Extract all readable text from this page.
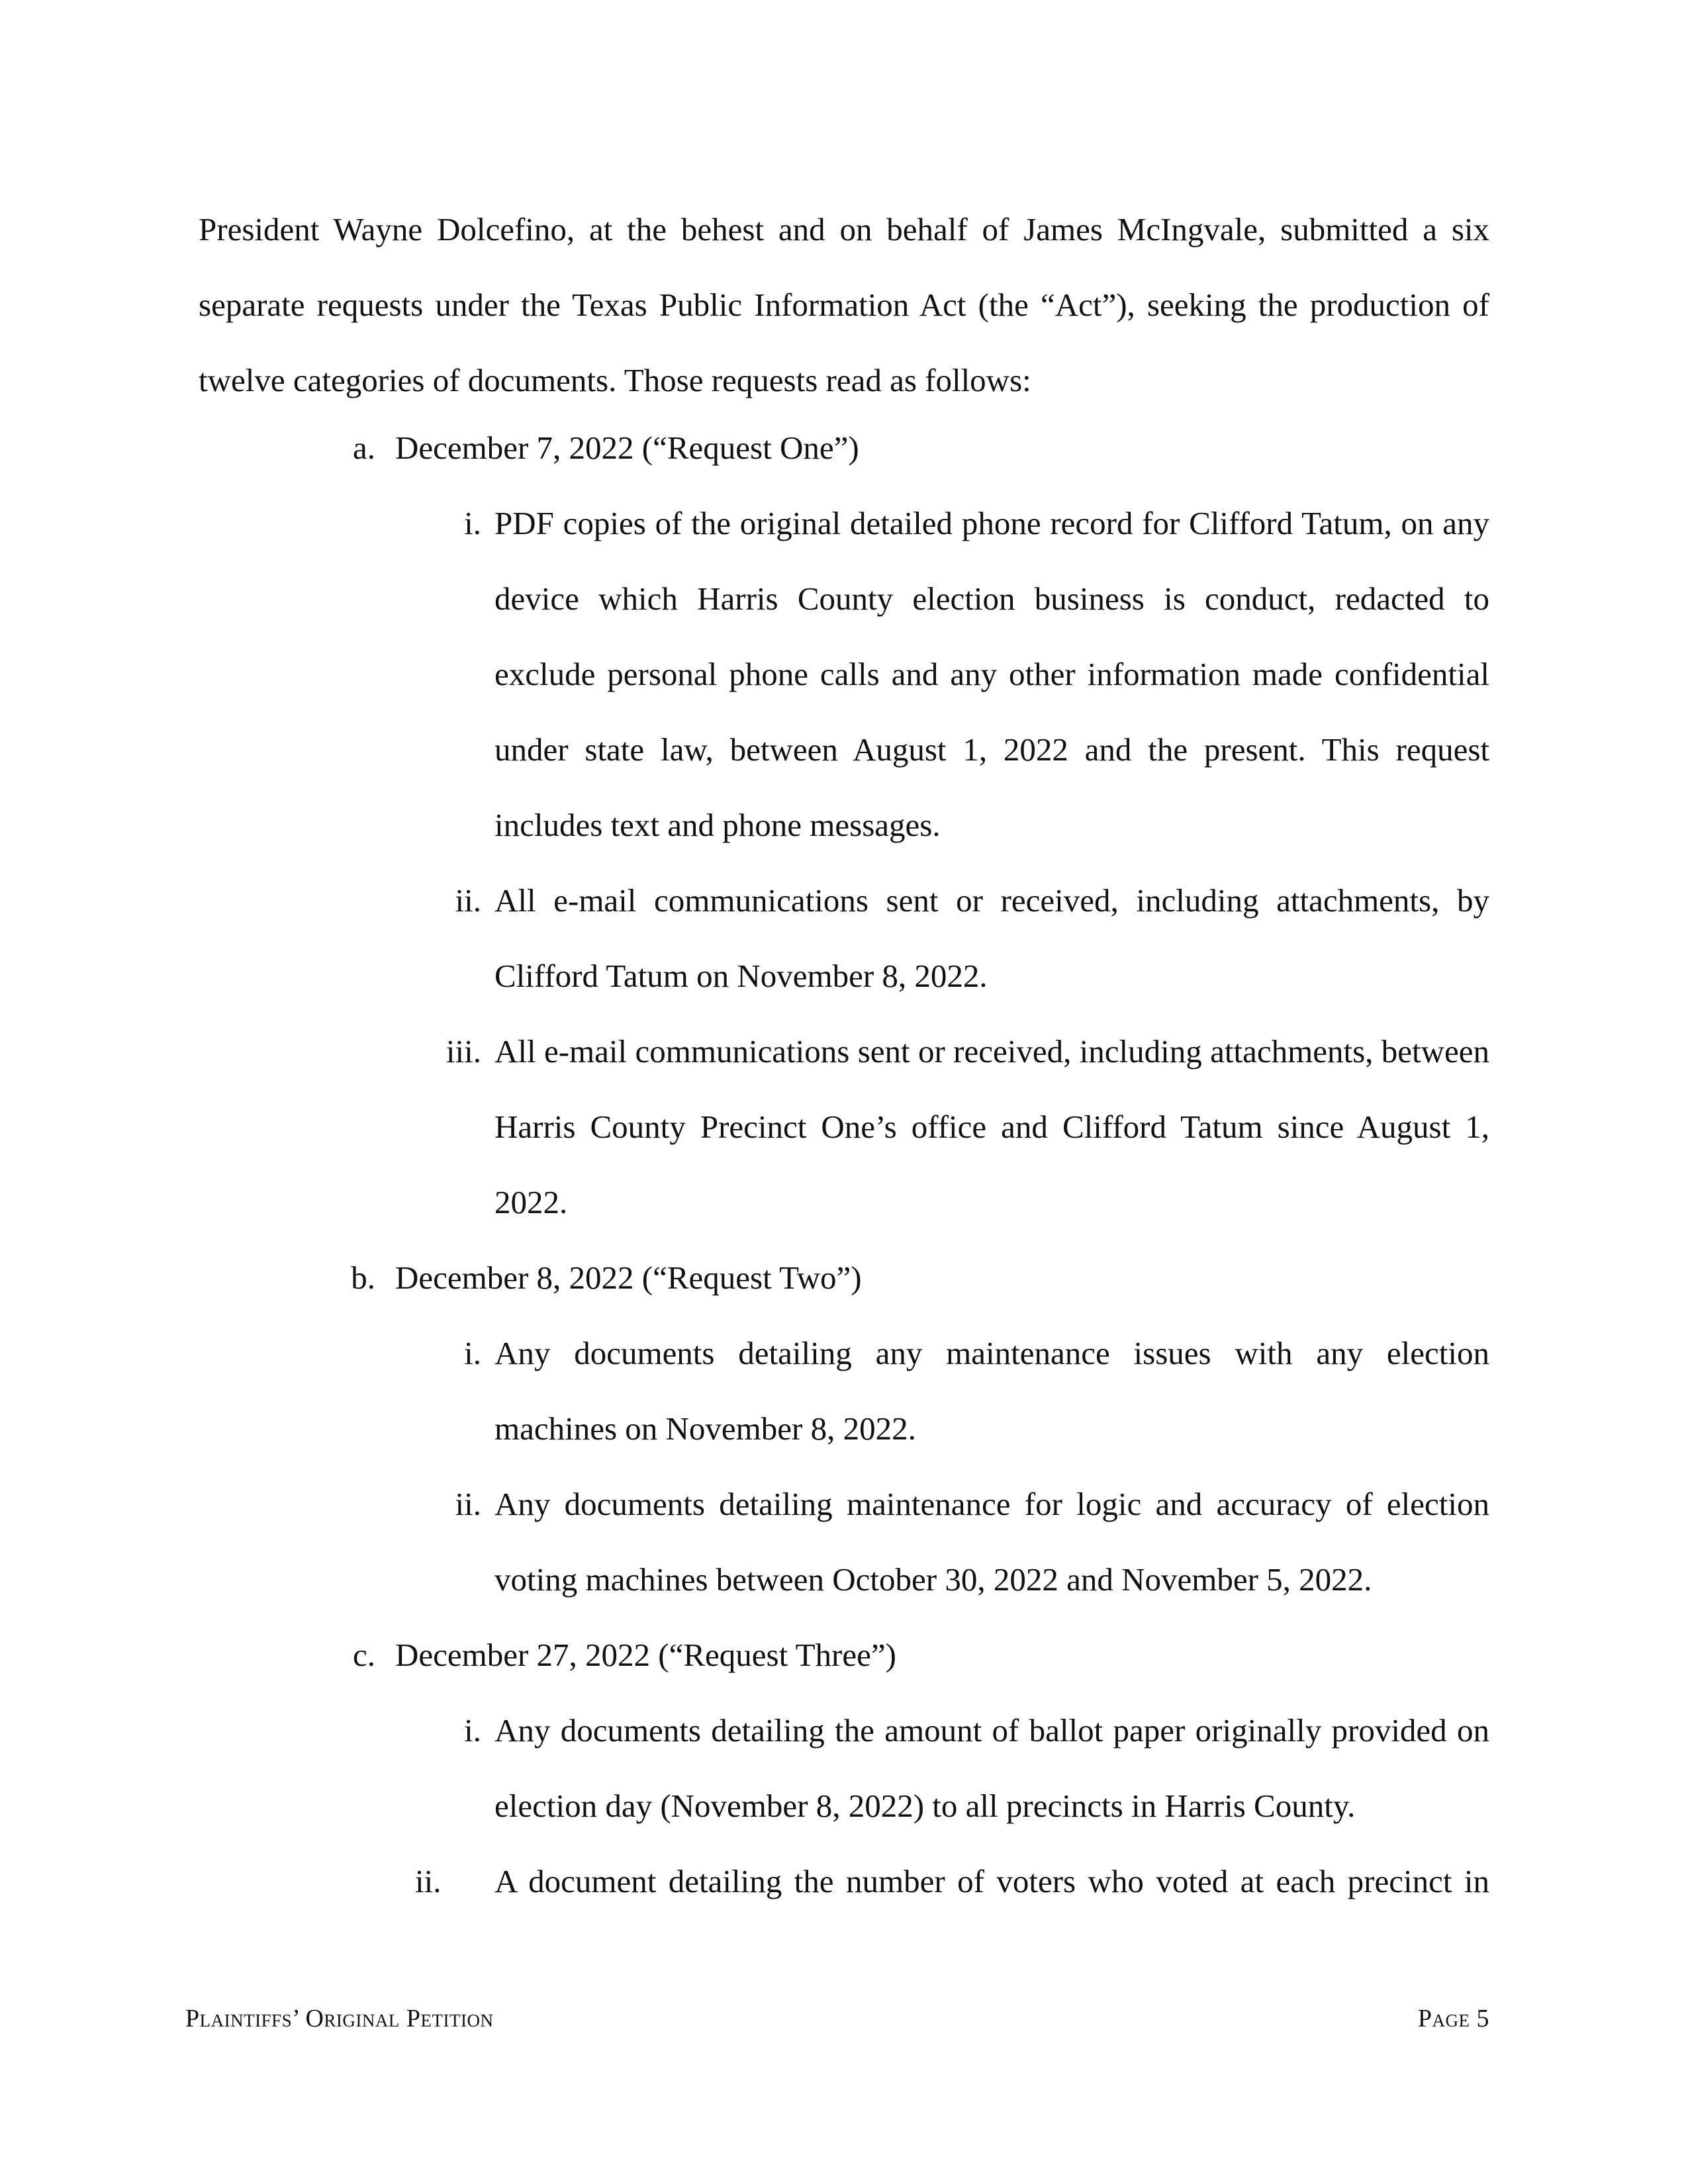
President Wayne Dolcefino, at the behest and on behalf of James McIngvale, submitted a six separate requests under the Texas Public Information Act (the “Act”), seeking the production of twelve categories of documents. Those requests read as follows:

a. December 7, 2022 (“Request One”)
i. PDF copies of the original detailed phone record for Clifford Tatum, on any device which Harris County election business is conduct, redacted to exclude personal phone calls and any other information made confidential under state law, between August 1, 2022 and the present. This request includes text and phone messages.
ii. All e-mail communications sent or received, including attachments, by Clifford Tatum on November 8, 2022.
iii. All e-mail communications sent or received, including attachments, between Harris County Precinct One’s office and Clifford Tatum since August 1, 2022.
b. December 8, 2022 (“Request Two”)
i. Any documents detailing any maintenance issues with any election machines on November 8, 2022.
ii. Any documents detailing maintenance for logic and accuracy of election voting machines between October 30, 2022 and November 5, 2022.
c. December 27, 2022 (“Request Three”)
i. Any documents detailing the amount of ballot paper originally provided on election day (November 8, 2022) to all precincts in Harris County.
ii.	A document detailing the number of voters who voted at each precinct in
Plaintiffs’ Original Petition	Page 5
